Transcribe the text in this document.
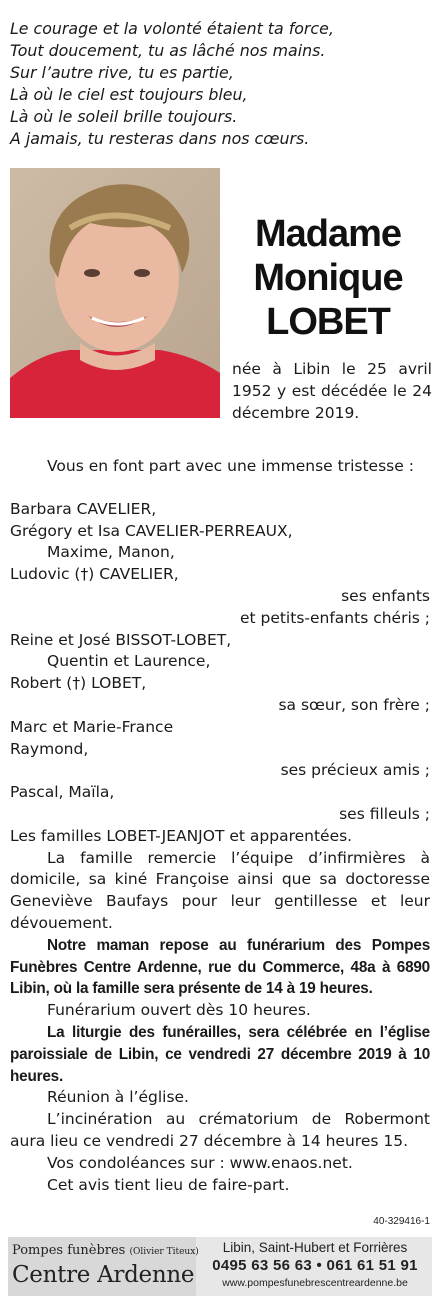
Le courage et la volonté étaient ta force,
Tout doucement, tu as lâché nos mains.
Sur l’autre rive, tu es partie,
Là où le ciel est toujours bleu,
Là où le soleil brille toujours.
A jamais, tu resteras dans nos cœurs.
Madame
Monique
LOBET
née à Libin le 25 avril 1952 y est décédée le 24 décembre 2019.
Vous en font part avec une immense tristesse :
Barbara CAVELIER,
Grégory et Isa CAVELIER-PERREAUX,
Maxime, Manon,
Ludovic (†) CAVELIER,
ses enfants
et petits-enfants chéris ;
Reine et José BISSOT-LOBET,
Quentin et Laurence,
Robert (†) LOBET,
sa sœur, son frère ;
Marc et Marie-France
Raymond,
ses précieux amis ;
Pascal, Maïla,
ses filleuls ;
Les familles LOBET-JEANJOT et apparentées.
La famille remercie l’équipe d’infirmières à domicile, sa kiné Françoise ainsi que sa doctoresse Geneviève Baufays pour leur gentillesse et leur dévouement.
Notre maman repose au funérarium des Pompes Funèbres Centre Ardenne, rue du Commerce, 48a à 6890 Libin, où la famille sera présente de 14 à 19 heures.
Funérarium ouvert dès 10 heures.
La liturgie des funérailles, sera célébrée en l’église paroissiale de Libin, ce vendredi 27 décembre 2019 à 10 heures.
Réunion à l’église.
L’incinération au crématorium de Robermont aura lieu ce vendredi 27 décembre à 14 heures 15.
Vos condoléances sur : www.enaos.net.
Cet avis tient lieu de faire-part.
40-329416-1
Pompes funèbres (Olivier Titeux)
Centre Ardenne
Libin, Saint-Hubert et Forrières
0495 63 56 63 • 061 61 51 91
www.pompesfunebrescentreardenne.be
